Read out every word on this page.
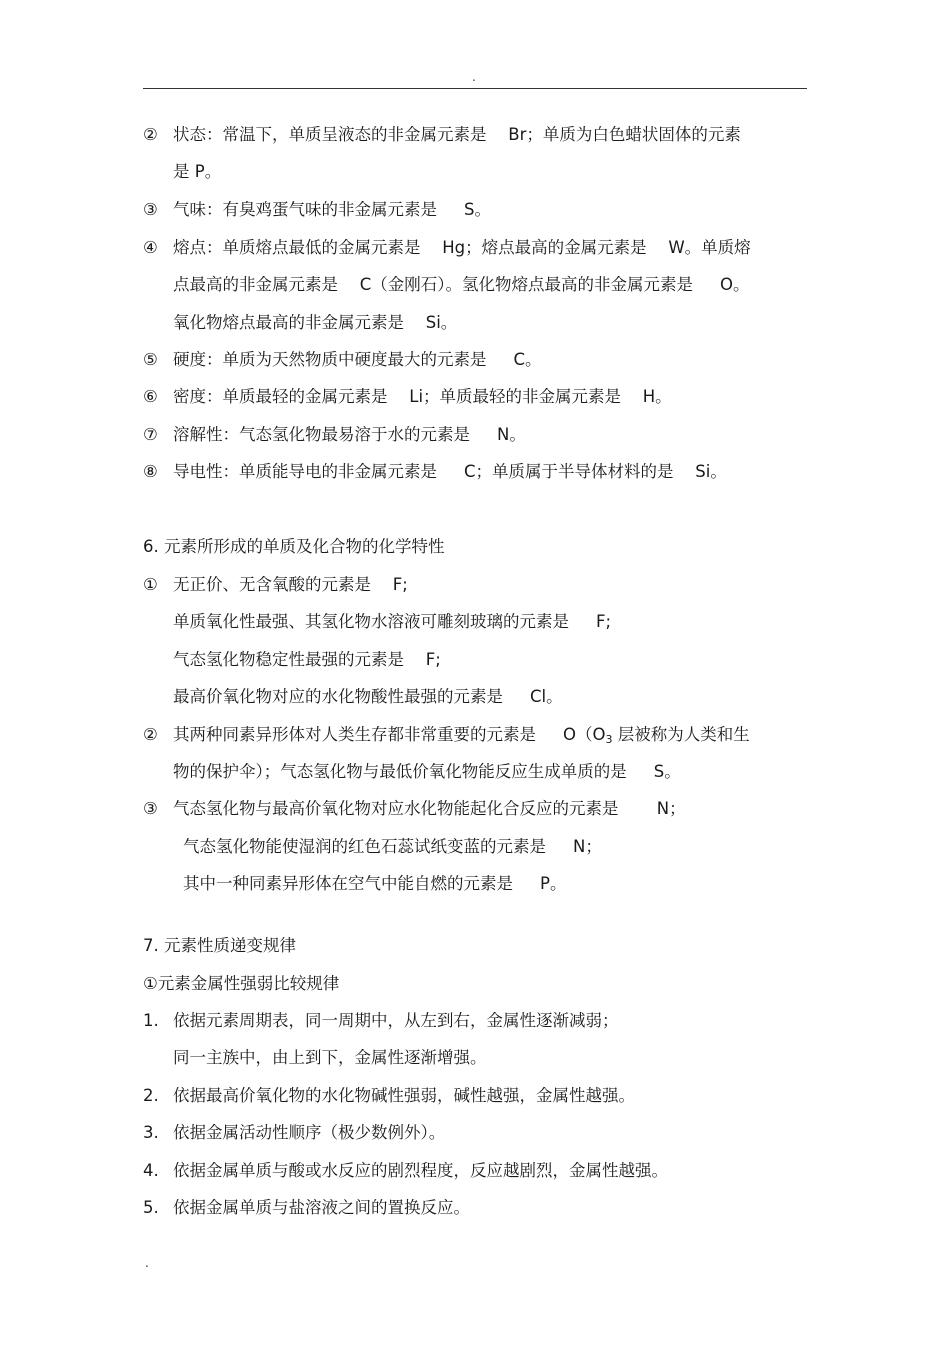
.
② 状态：常温下，单质呈液态的非金属元素是 　Br；单质为白色蜡状固体的元素
是 P。
③ 气味：有臭鸡蛋气味的非金属元素是 　 S。
④ 熔点：单质熔点最低的金属元素是 　Hg；熔点最高的金属元素是 　W。单质熔
点最高的非金属元素是 　C（金刚石）。氢化物熔点最高的非金属元素是 　 O。
氧化物熔点最高的非金属元素是 　Si。
⑤ 硬度：单质为天然物质中硬度最大的元素是 　 C。
⑥ 密度：单质最轻的金属元素是 　Li；单质最轻的非金属元素是 　H。
⑦ 溶解性：气态氢化物最易溶于水的元素是 　 N。
⑧ 导电性：单质能导电的非金属元素是 　 C；单质属于半导体材料的是 　Si。
6. 元素所形成的单质及化合物的化学特性
① 无正价、无含氧酸的元素是 　F;
单质氧化性最强、其氢化物水溶液可雕刻玻璃的元素是 　 F;
气态氢化物稳定性最强的元素是 　F;
最高价氧化物对应的水化物酸性最强的元素是 　 Cl。
② 其两种同素异形体对人类生存都非常重要的元素是 　 $O(O_3$ 层被称为人类和生
物的保护伞）；气态氢化物与最低价氧化物能反应生成单质的是 　 S。
③ 气态氢化物与最高价氧化物对应水化物能起化合反应的元素是 　　N；
气态氢化物能使湿润的红色石蕊试纸变蓝的元素是 　 N；
其中一种同素异形体在空气中能自燃的元素是 　 P。
7. 元素性质递变规律
①元素金属性强弱比较规律
1. 依据元素周期表，同一周期中，从左到右，金属性逐渐减弱；
同一主族中，由上到下，金属性逐渐增强。
2. 依据最高价氧化物的水化物碱性强弱，碱性越强，金属性越强。
3. 依据金属活动性顺序（极少数例外）。
4. 依据金属单质与酸或水反应的剧烈程度，反应越剧烈，金属性越强。
5. 依据金属单质与盐溶液之间的置换反应。
.
